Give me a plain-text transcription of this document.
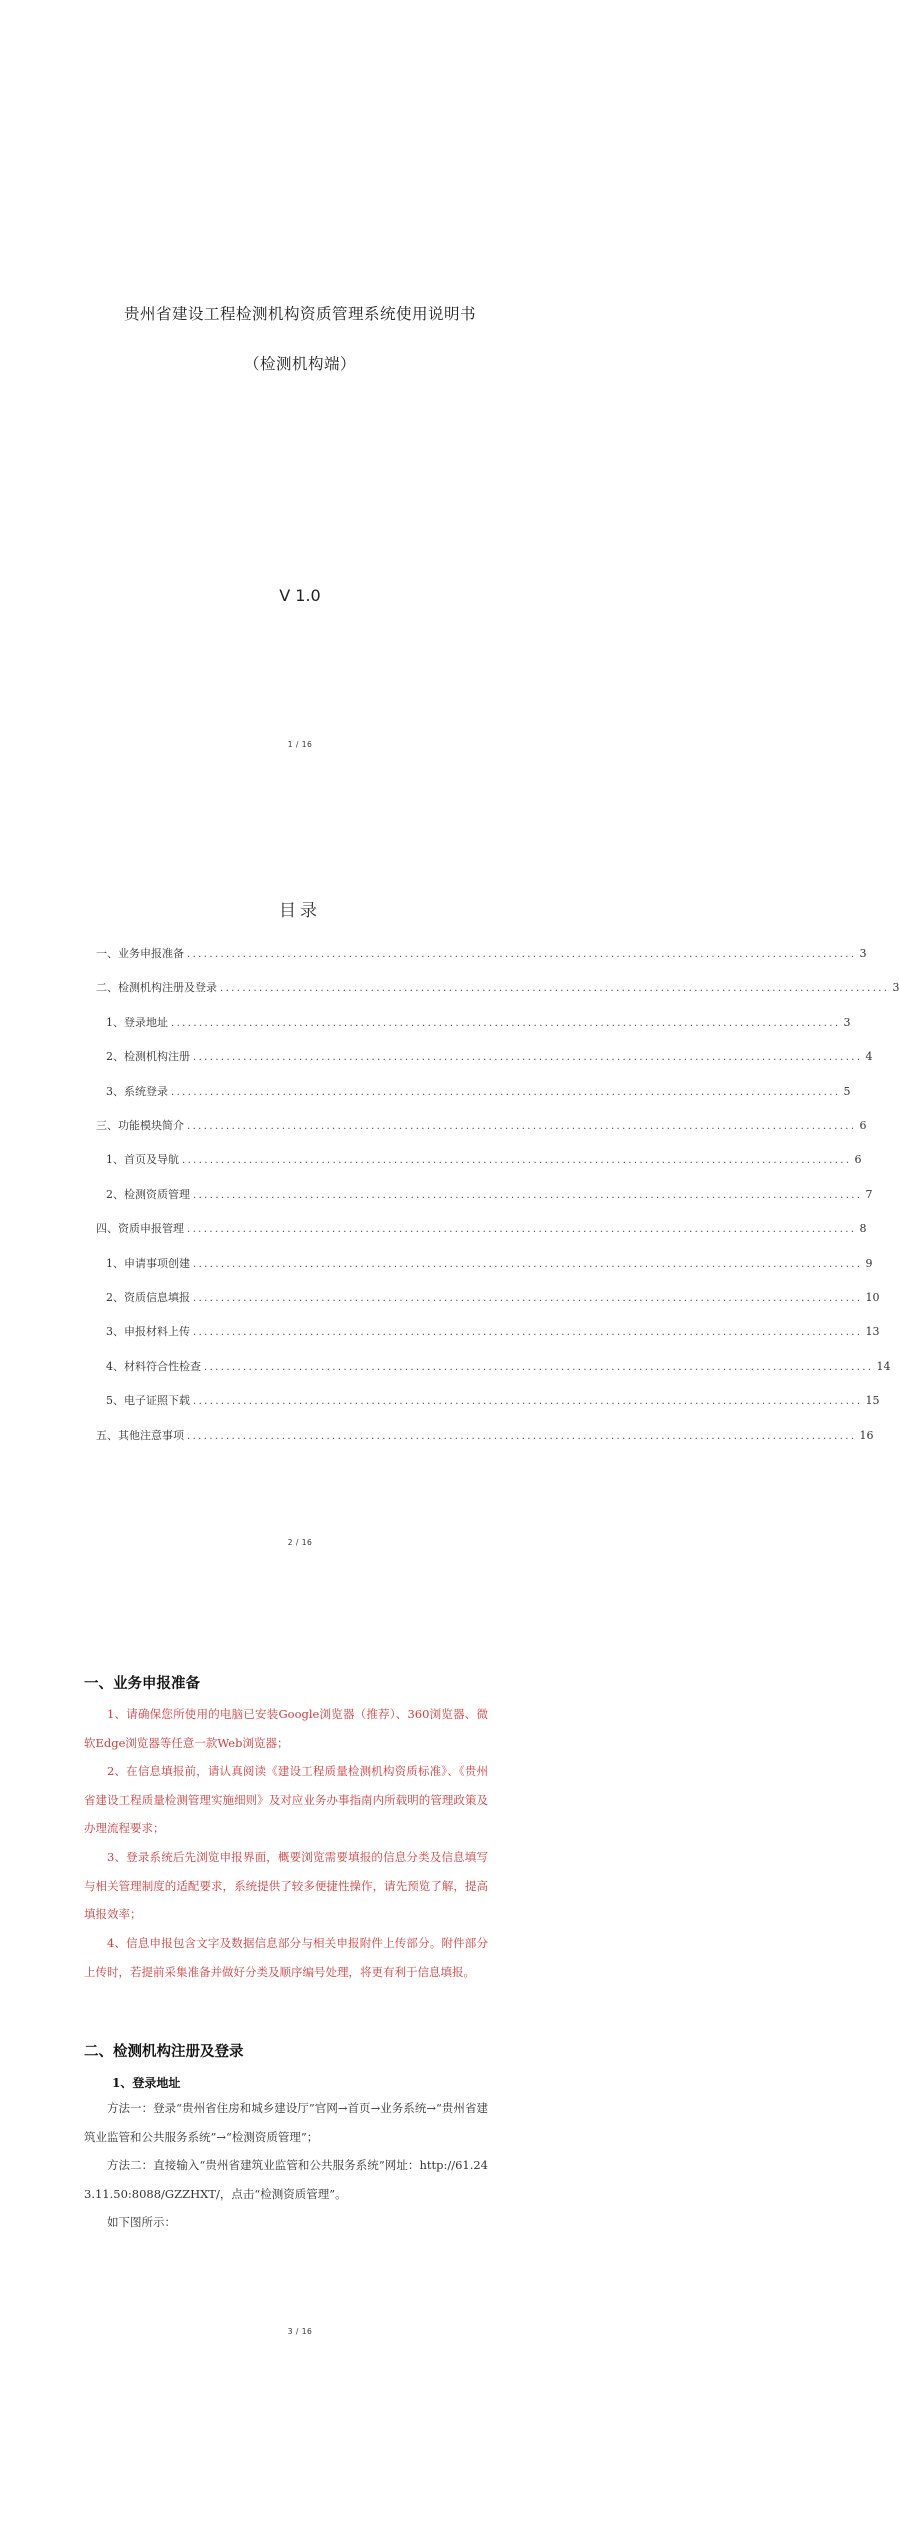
贵州省建设工程检测机构资质管理系统使用说明书
（检测机构端）
V 1.0
1 / 16
目录
一、业务申报准备 ........................................................................................................................ 3
二、检测机构注册及登录 ........................................................................................................................ 3
1、登录地址 ........................................................................................................................ 3
2、检测机构注册 ........................................................................................................................ 4
3、系统登录 ........................................................................................................................ 5
三、功能模块简介 ........................................................................................................................ 6
1、首页及导航 ........................................................................................................................ 6
2、检测资质管理 ........................................................................................................................ 7
四、资质申报管理 ........................................................................................................................ 8
1、申请事项创建 ........................................................................................................................ 9
2、资质信息填报 ........................................................................................................................ 10
3、申报材料上传 ........................................................................................................................ 13
4、材料符合性检查 ........................................................................................................................ 14
5、电子证照下载 ........................................................................................................................ 15
五、其他注意事项 ........................................................................................................................ 16
2 / 16
一、业务申报准备
1、请确保您所使用的电脑已安装Google浏览器（推荐）、360浏览器、微软Edge浏览器等任意一款Web浏览器；
2、在信息填报前，请认真阅读《建设工程质量检测机构资质标准》、《贵州省建设工程质量检测管理实施细则》及对应业务办事指南内所载明的管理政策及办理流程要求；
3、登录系统后先浏览申报界面，概要浏览需要填报的信息分类及信息填写与相关管理制度的适配要求，系统提供了较多便捷性操作，请先预览了解，提高填报效率；
4、信息申报包含文字及数据信息部分与相关申报附件上传部分。附件部分上传时，若提前采集准备并做好分类及顺序编号处理，将更有利于信息填报。
二、检测机构注册及登录
1、登录地址
方法一：登录“贵州省住房和城乡建设厅”官网→首页→业务系统→“贵州省建筑业监管和公共服务系统”→“检测资质管理”；
方法二：直接输入“贵州省建筑业监管和公共服务系统”网址：http://61.243.11.50:8088/GZZHXT/，点击“检测资质管理”。
如下图所示：
3 / 16
